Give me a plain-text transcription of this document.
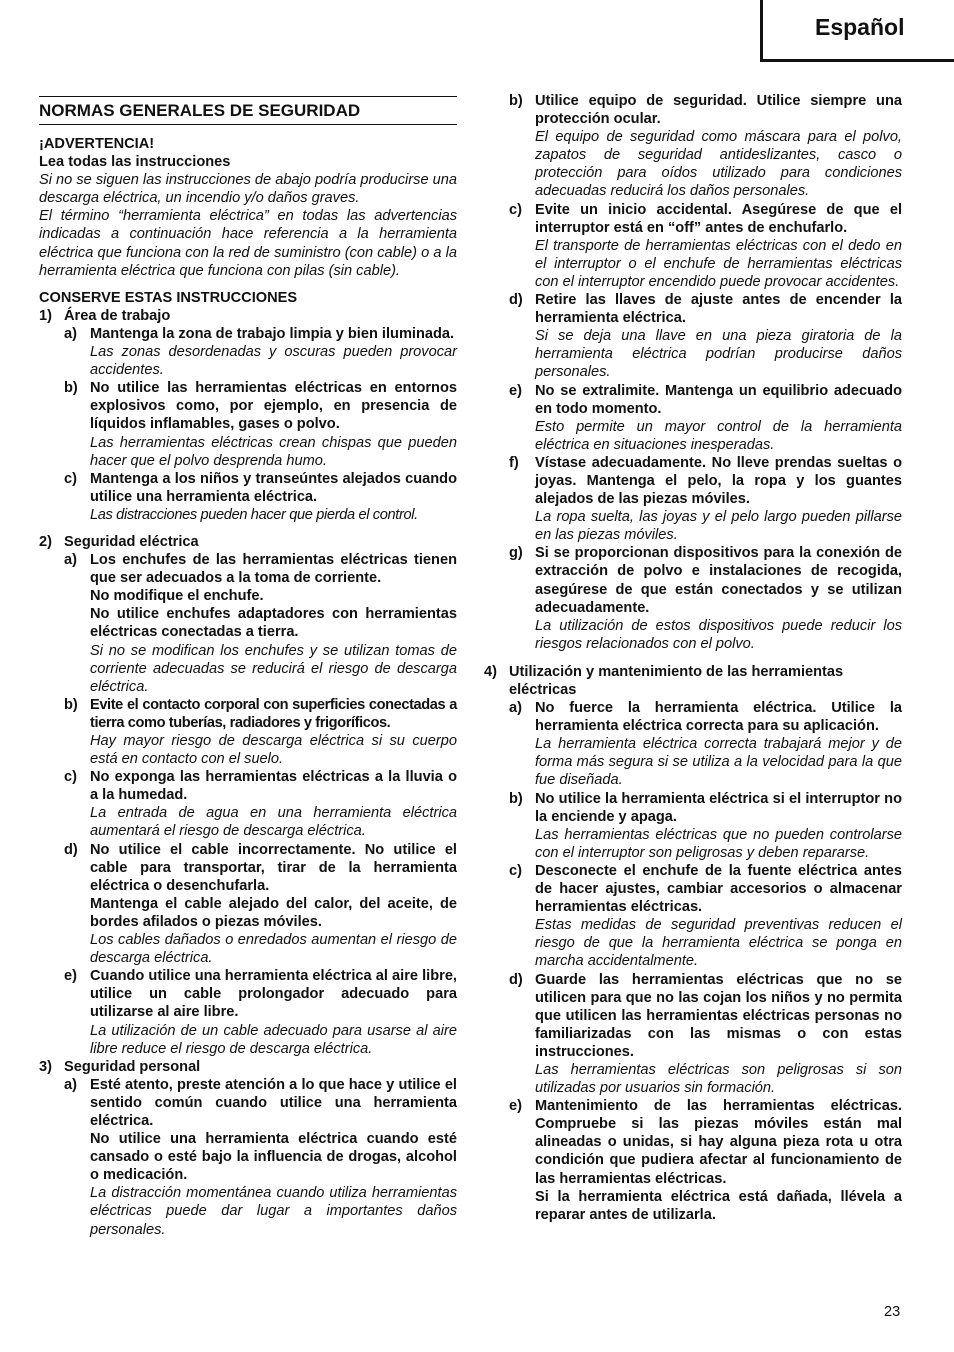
Español
NORMAS GENERALES DE SEGURIDAD
¡ADVERTENCIA!
Lea todas las instrucciones
Si no se siguen las instrucciones de abajo podría producirse una descarga eléctrica, un incendio y/o daños graves.
El término “herramienta eléctrica” en todas las advertencias indicadas a continuación hace referencia a la herramienta eléctrica que funciona con la red de suministro (con cable) o a la herramienta eléctrica que funciona con pilas (sin cable).
CONSERVE ESTAS INSTRUCCIONES
1) Área de trabajo
a) Mantenga la zona de trabajo limpia y bien iluminada.
Las zonas desordenadas y oscuras pueden provocar accidentes.
b) No utilice las herramientas eléctricas en entornos explosivos como, por ejemplo, en presencia de líquidos inflamables, gases o polvo.
Las herramientas eléctricas crean chispas que pueden hacer que el polvo desprenda humo.
c) Mantenga a los niños y transeúntes alejados cuando utilice una herramienta eléctrica.
Las distracciones pueden hacer que pierda el control.
2) Seguridad eléctrica
a) Los enchufes de las herramientas eléctricas tienen que ser adecuados a la toma de corriente.
No modifique el enchufe.
No utilice enchufes adaptadores con herramientas eléctricas conectadas a tierra.
Si no se modifican los enchufes y se utilizan tomas de corriente adecuadas se reducirá el riesgo de descarga eléctrica.
b) Evite el contacto corporal con superficies conectadas a tierra como tuberías, radiadores y frigoríficos.
Hay mayor riesgo de descarga eléctrica si su cuerpo está en contacto con el suelo.
c) No exponga las herramientas eléctricas a la lluvia o a la humedad.
La entrada de agua en una herramienta eléctrica aumentará el riesgo de descarga eléctrica.
d) No utilice el cable incorrectamente. No utilice el cable para transportar, tirar de la herramienta eléctrica o desenchufarla.
Mantenga el cable alejado del calor, del aceite, de bordes afilados o piezas móviles.
Los cables dañados o enredados aumentan el riesgo de descarga eléctrica.
e) Cuando utilice una herramienta eléctrica al aire libre, utilice un cable prolongador adecuado para utilizarse al aire libre.
La utilización de un cable adecuado para usarse al aire libre reduce el riesgo de descarga eléctrica.
3) Seguridad personal
a) Esté atento, preste atención a lo que hace y utilice el sentido común cuando utilice una herramienta eléctrica.
No utilice una herramienta eléctrica cuando esté cansado o esté bajo la influencia de drogas, alcohol o medicación.
La distracción momentánea cuando utiliza herramientas eléctricas puede dar lugar a importantes daños personales.
b) Utilice equipo de seguridad. Utilice siempre una protección ocular.
El equipo de seguridad como máscara para el polvo, zapatos de seguridad antideslizantes, casco o protección para oídos utilizado para condiciones adecuadas reducirá los daños personales.
c) Evite un inicio accidental. Asegúrese de que el interruptor está en “off” antes de enchufarlo.
El transporte de herramientas eléctricas con el dedo en el interruptor o el enchufe de herramientas eléctricas con el interruptor encendido puede provocar accidentes.
d) Retire las llaves de ajuste antes de encender la herramienta eléctrica.
Si se deja una llave en una pieza giratoria de la herramienta eléctrica podrían producirse daños personales.
e) No se extralimite. Mantenga un equilibrio adecuado en todo momento.
Esto permite un mayor control de la herramienta eléctrica en situaciones inesperadas.
f) Vístase adecuadamente. No lleve prendas sueltas o joyas. Mantenga el pelo, la ropa y los guantes alejados de las piezas móviles.
La ropa suelta, las joyas y el pelo largo pueden pillarse en las piezas móviles.
g) Si se proporcionan dispositivos para la conexión de extracción de polvo e instalaciones de recogida, asegúrese de que están conectados y se utilizan adecuadamente.
La utilización de estos dispositivos puede reducir los riesgos relacionados con el polvo.
4) Utilización y mantenimiento de las herramientas eléctricas
a) No fuerce la herramienta eléctrica. Utilice la herramienta eléctrica correcta para su aplicación.
La herramienta eléctrica correcta trabajará mejor y de forma más segura si se utiliza a la velocidad para la que fue diseñada.
b) No utilice la herramienta eléctrica si el interruptor no la enciende y apaga.
Las herramientas eléctricas que no pueden controlarse con el interruptor son peligrosas y deben repararse.
c) Desconecte el enchufe de la fuente eléctrica antes de hacer ajustes, cambiar accesorios o almacenar herramientas eléctricas.
Estas medidas de seguridad preventivas reducen el riesgo de que la herramienta eléctrica se ponga en marcha accidentalmente.
d) Guarde las herramientas eléctricas que no se utilicen para que no las cojan los niños y no permita que utilicen las herramientas eléctricas personas no familiarizadas con las mismas o con estas instrucciones.
Las herramientas eléctricas son peligrosas si son utilizadas por usuarios sin formación.
e) Mantenimiento de las herramientas eléctricas. Compruebe si las piezas móviles están mal alineadas o unidas, si hay alguna pieza rota u otra condición que pudiera afectar al funcionamiento de las herramientas eléctricas.
Si la herramienta eléctrica está dañada, llévela a reparar antes de utilizarla.
23
